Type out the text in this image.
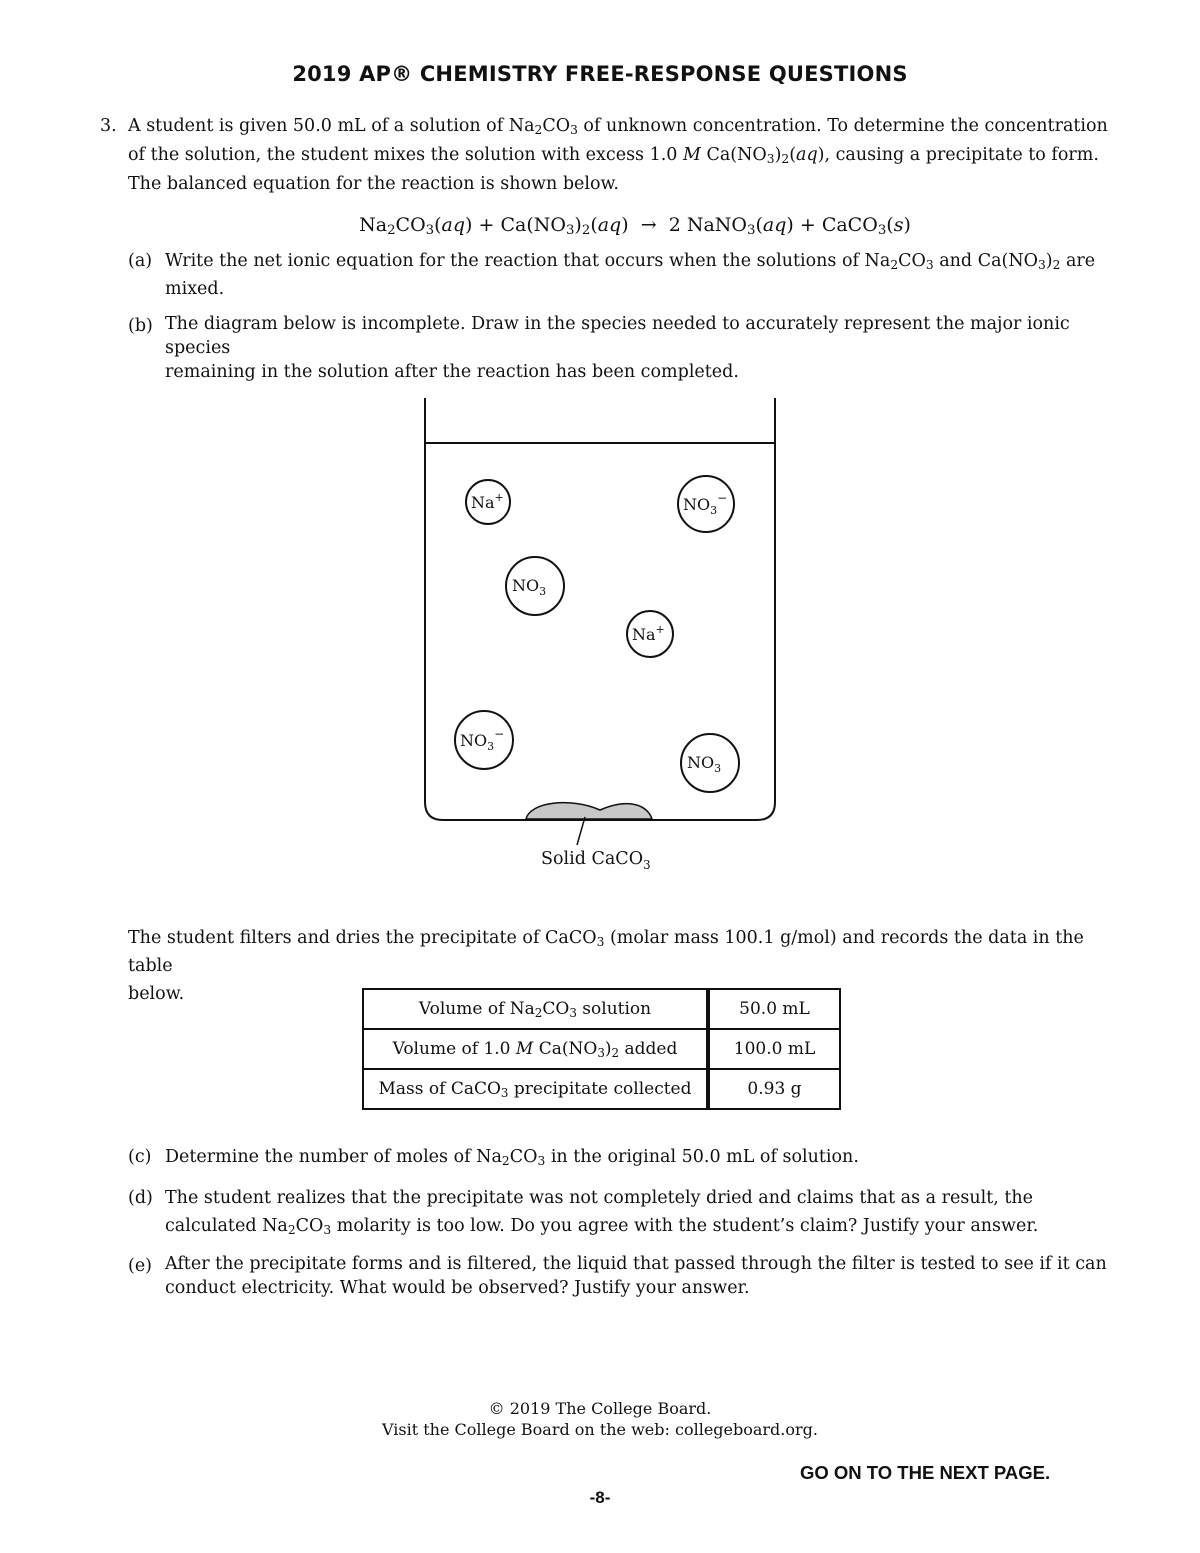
2019 AP® CHEMISTRY FREE-RESPONSE QUESTIONS
3. A student is given 50.0 mL of a solution of $Na_2CO_3$ of unknown concentration. To determine the concentration
of the solution, the student mixes the solution with excess 1.0 M $Ca(NO_3)_2(aq)$, causing a precipitate to form.
The balanced equation for the reaction is shown below.
$Na_2CO_3(aq) + Ca(NO_3)_2(aq) \to 2$ NaNO$_3$(aq) + CaCO$_3$(s)
(a) Write the net ionic equation for the reaction that occurs when the solutions of $Na_2CO_3$ and $Ca(NO_3)_2$ are
mixed.
(b) The diagram below is incomplete. Draw in the species needed to accurately represent the major ionic species
remaining in the solution after the reaction has been completed.
Na+	$NO_3^-$
$NO_3$
Na+
$NO_3^-$
$NO_3$
Solid CaCO$_3$
The student filters and dries the precipitate of CaCO$_3$ (molar mass 100.1 g/mol) and records the data in the table
below.
Volume of $Na_2CO_3$ solution	50.0 mL
Volume of 1.0 M $Ca(NO_3)_2$ added	100.0 mL
Mass of CaCO$_3$ precipitate collected	0.93 g
(c) Determine the number of moles of $Na_2CO_3$ in the original 50.0 mL of solution.
(d) The student realizes that the precipitate was not completely dried and claims that as a result, the
calculated $Na_2CO_3$ molarity is too low. Do you agree with the student’s claim? Justify your answer.
(e) After the precipitate forms and is filtered, the liquid that passed through the filter is tested to see if it can
conduct electricity. What would be observed? Justify your answer.
© 2019 The College Board.
Visit the College Board on the web: collegeboard.org.
GO ON TO THE NEXT PAGE.
-8-
